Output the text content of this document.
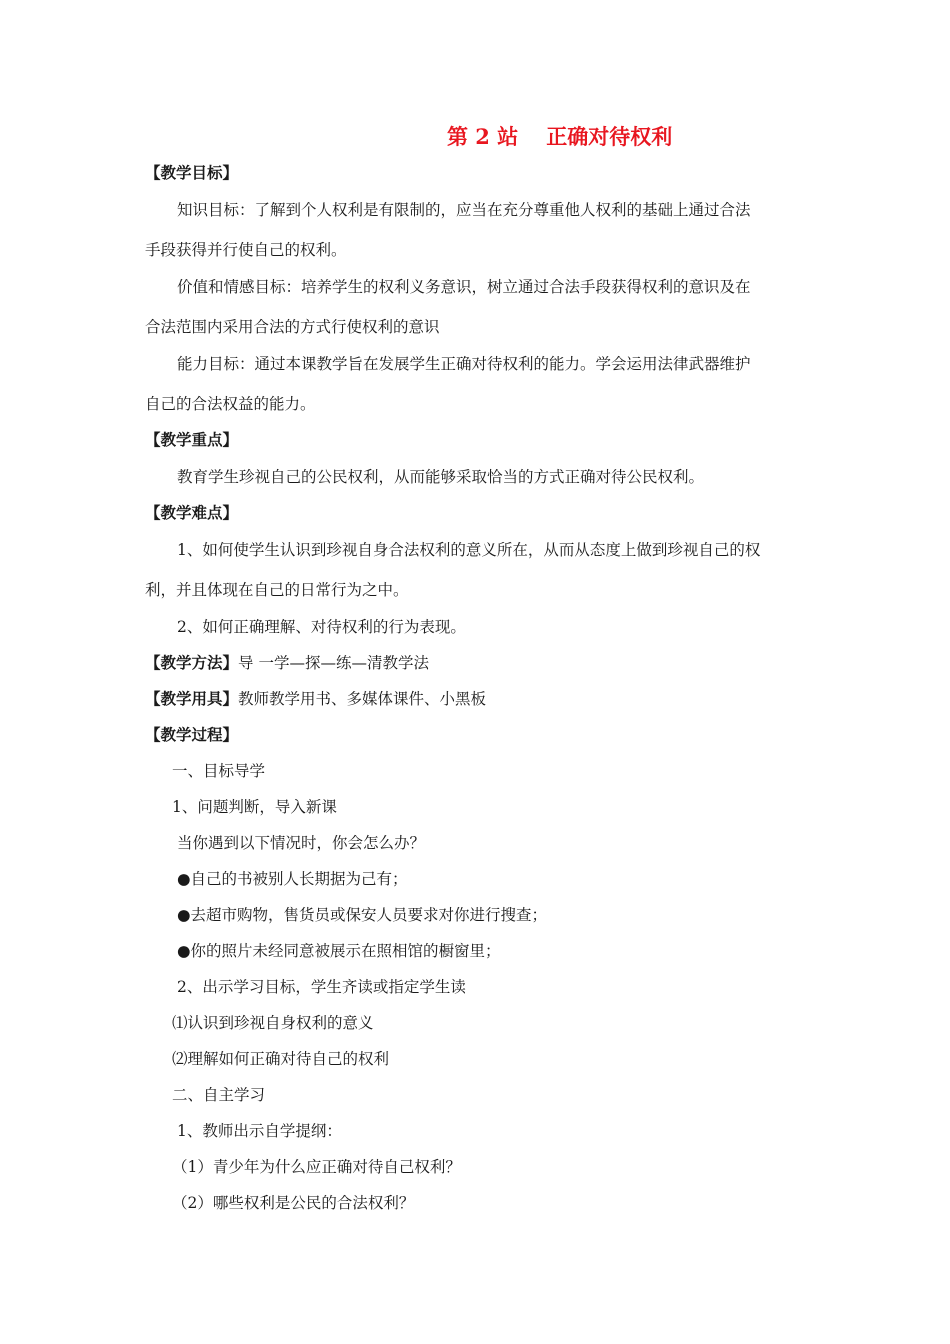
第 2 站 正确对待权利
【教学目标】
知识目标：了解到个人权利是有限制的，应当在充分尊重他人权利的基础上通过合法
手段获得并行使自己的权利。
价值和情感目标：培养学生的权利义务意识，树立通过合法手段获得权利的意识及在
合法范围内采用合法的方式行使权利的意识
能力目标：通过本课教学旨在发展学生正确对待权利的能力。学会运用法律武器维护
自己的合法权益的能力。
【教学重点】
教育学生珍视自己的公民权利，从而能够采取恰当的方式正确对待公民权利。
【教学难点】
1、如何使学生认识到珍视自身合法权利的意义所在，从而从态度上做到珍视自己的权
利，并且体现在自己的日常行为之中。
2、如何正确理解、对待权利的行为表现。
【教学方法】导 一学—探—练—清教学法
【教学用具】教师教学用书、多媒体课件、小黑板
【教学过程】
一、目标导学
1、问题判断，导入新课
当你遇到以下情况时，你会怎么办？
●自己的书被别人长期据为己有；
●去超市购物，售货员或保安人员要求对你进行搜查；
●你的照片未经同意被展示在照相馆的橱窗里；
2、出示学习目标，学生齐读或指定学生读
⑴认识到珍视自身权利的意义
⑵理解如何正确对待自己的权利
二、自主学习
1、教师出示自学提纲：
（1）青少年为什么应正确对待自己权利？
（2）哪些权利是公民的合法权利？
